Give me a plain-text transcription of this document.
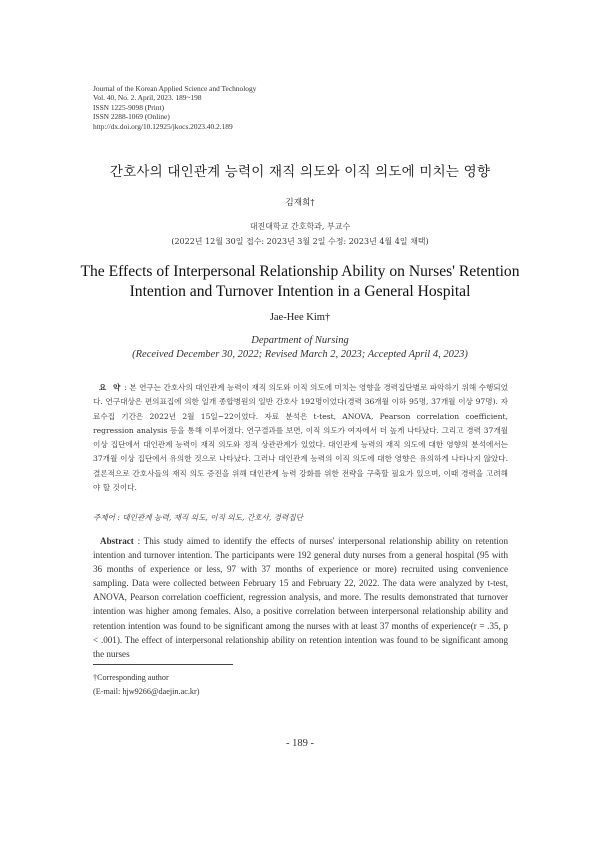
Journal of the Korean Applied Science and Technology
Vol. 40, No. 2. April, 2023. 189~198
ISSN 1225-9098 (Print)
ISSN 2288-1069 (Online)
http://dx.doi.org/10.12925/jkocs.2023.40.2.189
간호사의 대인관계 능력이 재직 의도와 이직 의도에 미치는 영향
김재희†
대진대학교 간호학과, 부교수
(2022년 12월 30일 접수: 2023년 3월 2일 수정: 2023년 4월 4일 채택)
The Effects of Interpersonal Relationship Ability on Nurses' Retention
Intention and Turnover Intention in a General Hospital
Jae-Hee Kim†
Department of Nursing
(Received December 30, 2022; Revised March 2, 2023; Accepted April 4, 2023)
요 약 : 본 연구는 간호사의 대인관계 능력이 재직 의도와 이직 의도에 미치는 영향을 경력집단별로 파악하기 위해 수행되었다. 연구대상은 편의표집에 의한 일개 종합병원의 일반 간호사 192명이었다(경력 36개월 이하 95명, 37개월 이상 97명). 자료수집 기간은 2022년 2월 15일~22이었다. 자료 분석은 t-test, ANOVA, Pearson correlation coefficient, regression analysis 등을 통해 이루어졌다. 연구결과를 보면, 이직 의도가 여자에서 더 높게 나타났다. 그리고 경력 37개월 이상 집단에서 대인관계 능력이 재직 의도와 정적 상관관계가 있었다. 대인관계 능력의 재직 의도에 대한 영향의 분석에서는 37개월 이상 집단에서 유의한 것으로 나타났다. 그러나 대인관계 능력의 이직 의도에 대한 영향은 유의하게 나타나지 않았다. 결론적으로 간호사들의 재직 의도 증진을 위해 대인관계 능력 강화를 위한 전략을 구축할 필요가 있으며, 이때 경력을 고려해야 할 것이다.
주제어 : 대인관계 능력, 재직 의도, 이직 의도, 간호사, 경력집단
Abstract : This study aimed to identify the effects of nurses' interpersonal relationship ability on retention intention and turnover intention. The participants were 192 general duty nurses from a general hospital (95 with 36 months of experience or less, 97 with 37 months of experience or more) recruited using convenience sampling. Data were collected between February 15 and February 22, 2022. The data were analyzed by t-test, ANOVA, Pearson correlation coefficient, regression analysis, and more. The results demonstrated that turnover intention was higher among females. Also, a positive correlation between interpersonal relationship ability and retention intention was found to be significant among the nurses with at least 37 months of experience(r = .35, p < .001). The effect of interpersonal relationship ability on retention intention was found to be significant among the nurses
†Corresponding author
(E-mail: hjw9266@daejin.ac.kr)
- 189 -
